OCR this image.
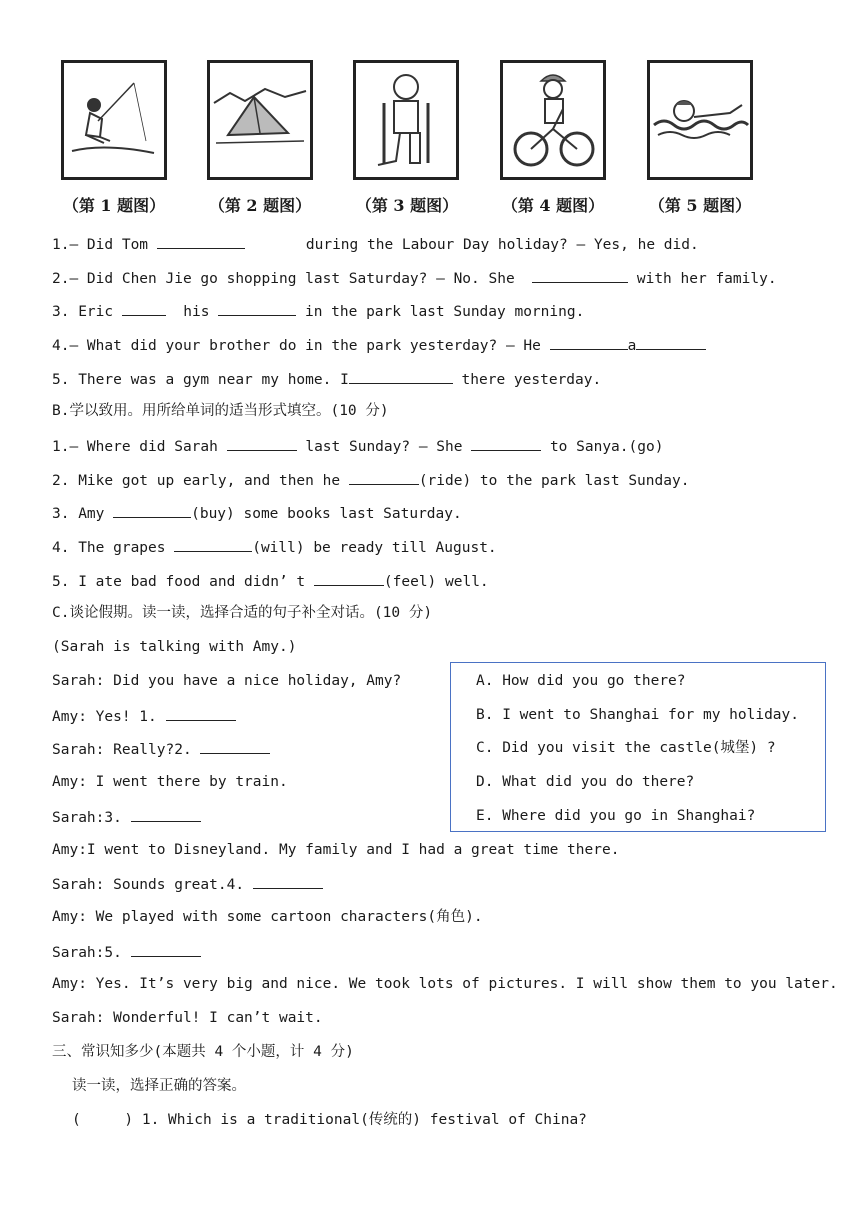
（第 1 题图）	（第 2 题图）	（第 3 题图）	（第 4 题图）	（第 5 题图）
1.— Did Tom	during the Labour Day holiday? — Yes, he did.
2.— Did Chen Jie go shopping last Saturday? — No. She	with her family.
3. Eric	his	in the park last Sunday morning.
4.— What did your brother do in the park yesterday? — He	a
5. There was a gym near my home. I	there yesterday.
B.学以致用。用所给单词的适当形式填空。(10 分)
1.— Where did Sarah	last Sunday? — She	to Sanya.(go)
2. Mike got up early, and then he	(ride) to the park last Sunday.
3. Amy	(buy) some books last Saturday.
4. The grapes	(will) be ready till August.
5. I ate bad food and didn’ t	(feel) well.
C.谈论假期。读一读，选择合适的句子补全对话。(10 分)
(Sarah is talking with Amy.)
Sarah: Did you have a nice holiday, Amy?
Amy: Yes! 1.
Sarah: Really?2.
Amy: I went there by train.
Sarah:3.
Amy:I went to Disneyland. My family and I had a great time there.
Sarah: Sounds great.4.
Amy: We played with some cartoon characters(角色).
Sarah:5.
Amy: Yes. It’s very big and nice. We took lots of pictures. I will show them to you later.
Sarah: Wonderful! I can’t wait.
A. How did you go there?
B. I went to Shanghai for my holiday.
C. Did you visit the castle(城堡) ?
D. What did you do there?
E. Where did you go in Shanghai?
三、常识知多少(本题共 4 个小题，计 4 分)
读一读，选择正确的答案。
(     ) 1. Which is a traditional(传统的) festival of China?
